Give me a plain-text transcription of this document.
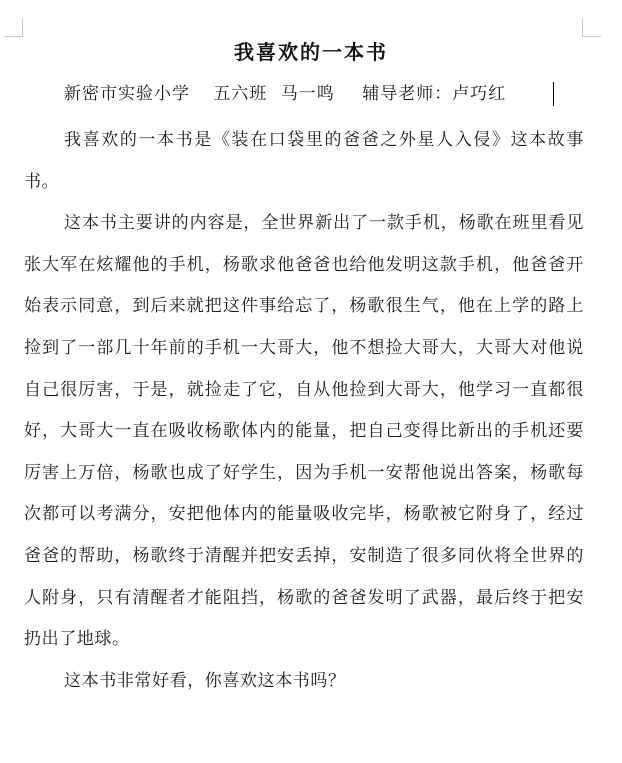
我喜欢的一本书
新密市实验小学 五六班 马一鸣 辅导老师：卢巧红

我喜欢的一本书是《装在口袋里的爸爸之外星人入侵》这本故事书。

这本书主要讲的内容是，全世界新出了一款手机，杨歌在班里看见张大军在炫耀他的手机，杨歌求他爸爸也给他发明这款手机，他爸爸开始表示同意，到后来就把这件事给忘了，杨歌很生气，他在上学的路上捡到了一部几十年前的手机一大哥大，他不想捡大哥大，大哥大对他说自己很厉害，于是，就捡走了它，自从他捡到大哥大，他学习一直都很好，大哥大一直在吸收杨歌体内的能量，把自己变得比新出的手机还要厉害上万倍，杨歌也成了好学生，因为手机一安帮他说出答案，杨歌每次都可以考满分，安把他体内的能量吸收完毕，杨歌被它附身了，经过爸爸的帮助，杨歌终于清醒并把安丢掉，安制造了很多同伙将全世界的人附身，只有清醒者才能阻挡，杨歌的爸爸发明了武器，最后终于把安扔出了地球。

这本书非常好看，你喜欢这本书吗？
